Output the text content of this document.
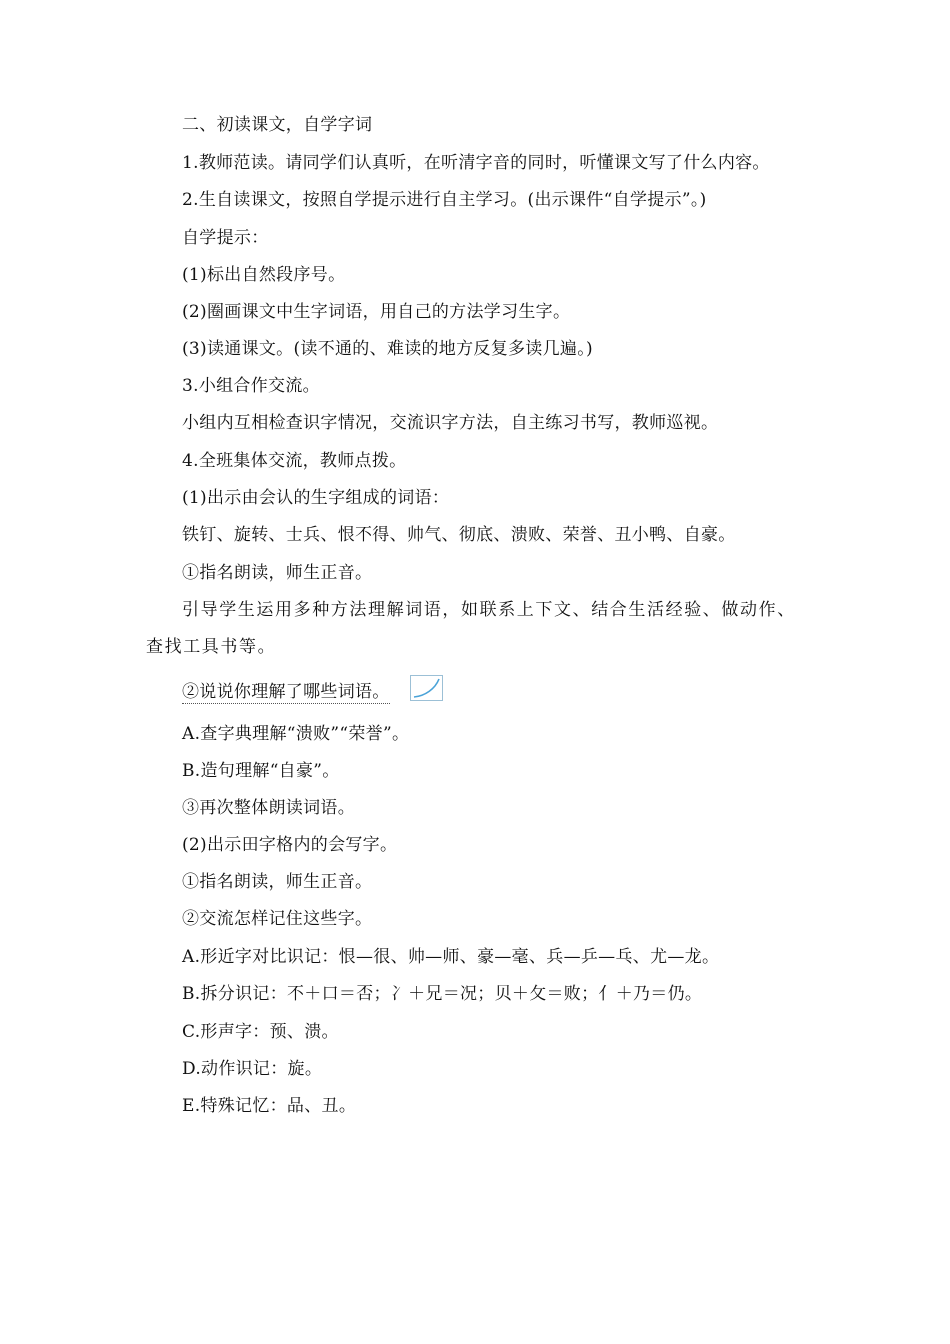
二、初读课文，自学字词
1.教师范读。请同学们认真听，在听清字音的同时，听懂课文写了什么内容。
2.生自读课文，按照自学提示进行自主学习。(出示课件“自学提示”。)
自学提示：
(1)标出自然段序号。
(2)圈画课文中生字词语，用自己的方法学习生字。
(3)读通课文。(读不通的、难读的地方反复多读几遍。)
3.小组合作交流。
小组内互相检查识字情况，交流识字方法，自主练习书写，教师巡视。
4.全班集体交流，教师点拨。
(1)出示由会认的生字组成的词语：
铁钉、旋转、士兵、恨不得、帅气、彻底、溃败、荣誉、丑小鸭、自豪。
①指名朗读，师生正音。
引导学生运用多种方法理解词语，如联系上下文、结合生活经验、做动作、
查找工具书等。
②说说你理解了哪些词语。
A.查字典理解“溃败”“荣誉”。
B.造句理解“自豪”。
③再次整体朗读词语。
(2)出示田字格内的会写字。
①指名朗读，师生正音。
②交流怎样记住这些字。
A.形近字对比识记：恨—很、帅—师、豪—毫、兵—乒—乓、尤—龙。
B.拆分识记：不＋口＝否；冫＋兄＝况；贝＋攵＝败；亻＋乃＝仍。
C.形声字：预、溃。
D.动作识记：旋。
E.特殊记忆：品、丑。
